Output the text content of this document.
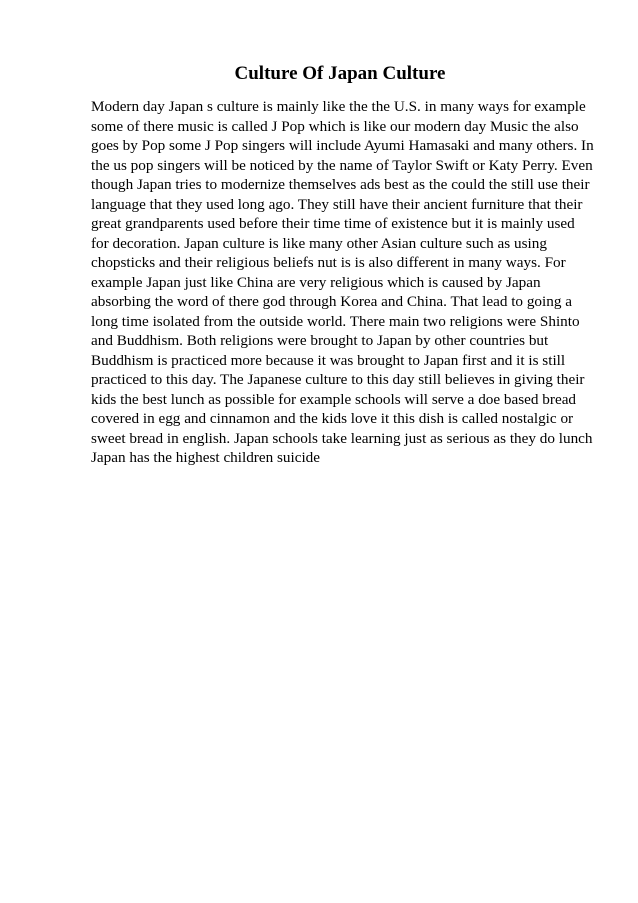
Culture Of Japan Culture
Modern day Japan s culture is mainly like the the U.S. in many ways for example
some of there music is called J Pop which is like our modern day Music the also
goes by Pop some J Pop singers will include Ayumi Hamasaki and many others. In
the us pop singers will be noticed by the name of Taylor Swift or Katy Perry. Even
though Japan tries to modernize themselves ads best as the could the still use their
language that they used long ago. They still have their ancient furniture that their
great grandparents used before their time time of existence but it is mainly used
for decoration. Japan culture is like many other Asian culture such as using
chopsticks and their religious beliefs nut is is also different in many ways. For
example Japan just like China are very religious which is caused by Japan
absorbing the word of there god through Korea and China. That lead to going a
long time isolated from the outside world. There main two religions were Shinto
and Buddhism. Both religions were brought to Japan by other countries but
Buddhism is practiced more because it was brought to Japan first and it is still
practiced to this day. The Japanese culture to this day still believes in giving their
kids the best lunch as possible for example schools will serve a doe based bread
covered in egg and cinnamon and the kids love it this dish is called nostalgic or
sweet bread in english. Japan schools take learning just as serious as they do lunch
Japan has the highest children suicide
